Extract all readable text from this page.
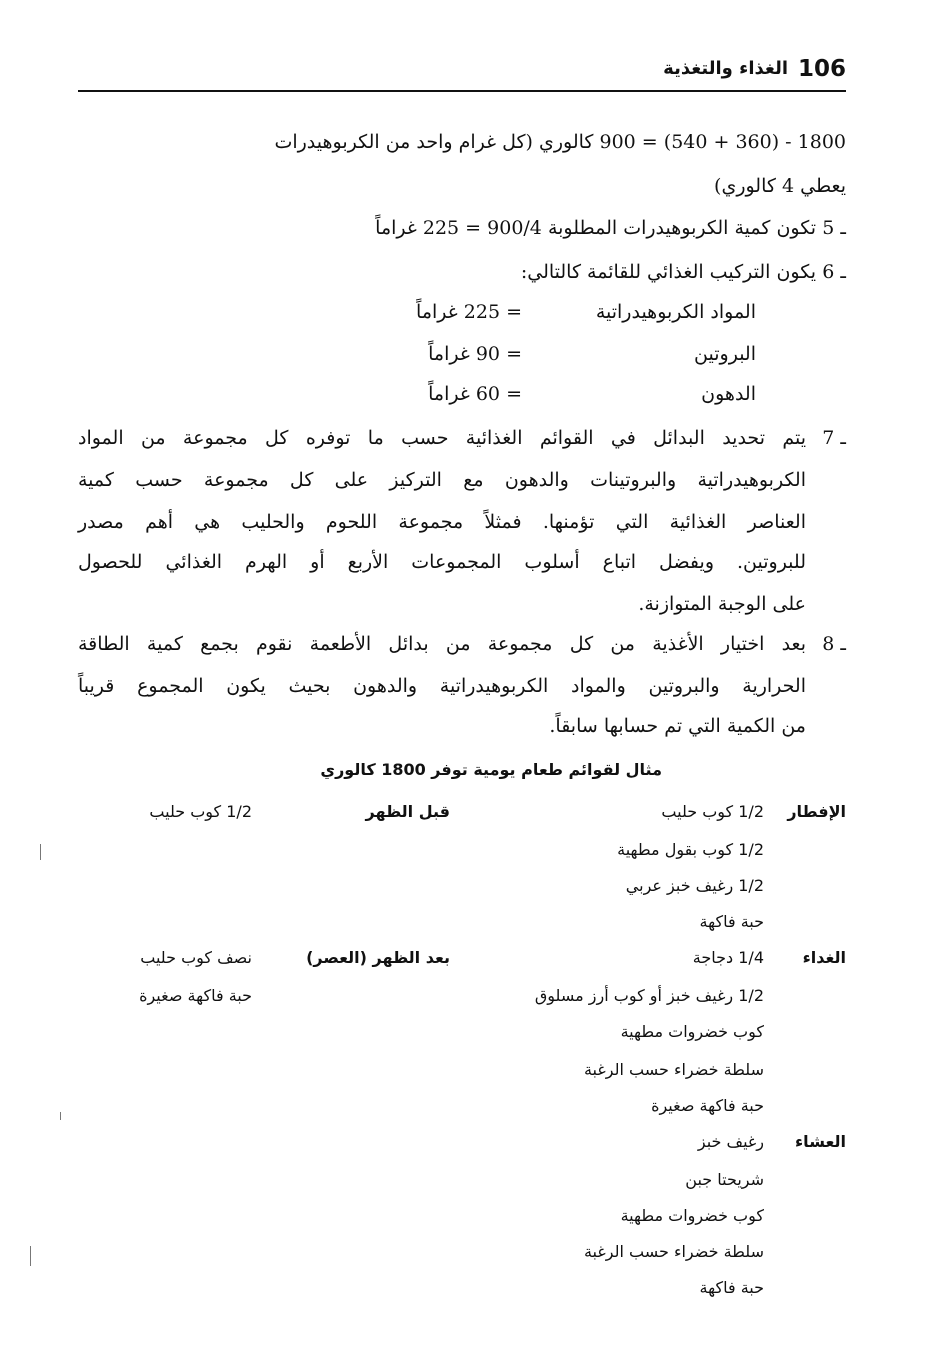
106
الغذاء والتغذية
1800 - (360 + 540) = 900 كالوري (كل غرام واحد من الكربوهيدرات
يعطي 4 كالوري)
5 ـ
تكون كمية الكربوهيدرات المطلوبة 900/4 = 225 غراماً
6 ـ
يكون التركيب الغذائي للقائمة كالتالي:
المواد الكربوهيدراتية
= 225 غراماً
البروتين
= 90 غراماً
الدهون
= 60 غراماً
7 ـ
يتم تحديد البدائل في القوائم الغذائية حسب ما توفره كل مجموعة من المواد
الكربوهيدراتية والبروتينات والدهون مع التركيز على كل مجموعة حسب كمية
العناصر الغذائية التي تؤمنها. فمثلاً مجموعة اللحوم والحليب هي أهم مصدر
للبروتين. ويفضل اتباع أسلوب المجموعات الأربع أو الهرم الغذائي للحصول
على الوجبة المتوازنة.
8 ـ
بعد اختيار الأغذية من كل مجموعة من بدائل الأطعمة نقوم بجمع كمية الطاقة
الحرارية والبروتين والمواد الكربوهيدراتية والدهون بحيث يكون المجموع قريباً
من الكمية التي تم حسابها سابقاً.
مثال لقوائم طعام يومية توفر 1800 كالوري
الإفطار
1/2 كوب حليب
1/2 كوب بقول مطهية
1/2 رغيف خبز عربي
حبة فاكهة
قبل الظهر
1/2 كوب حليب
الغداء
1/4 دجاجة
1/2 رغيف خبز أو كوب أرز مسلوق
كوب خضروات مطهية
سلطة خضراء حسب الرغبة
حبة فاكهة صغيرة
بعد الظهر (العصر)
نصف كوب حليب
حبة فاكهة صغيرة
العشاء
رغيف خبز
شريحتا جبن
كوب خضروات مطهية
سلطة خضراء حسب الرغبة
حبة فاكهة
